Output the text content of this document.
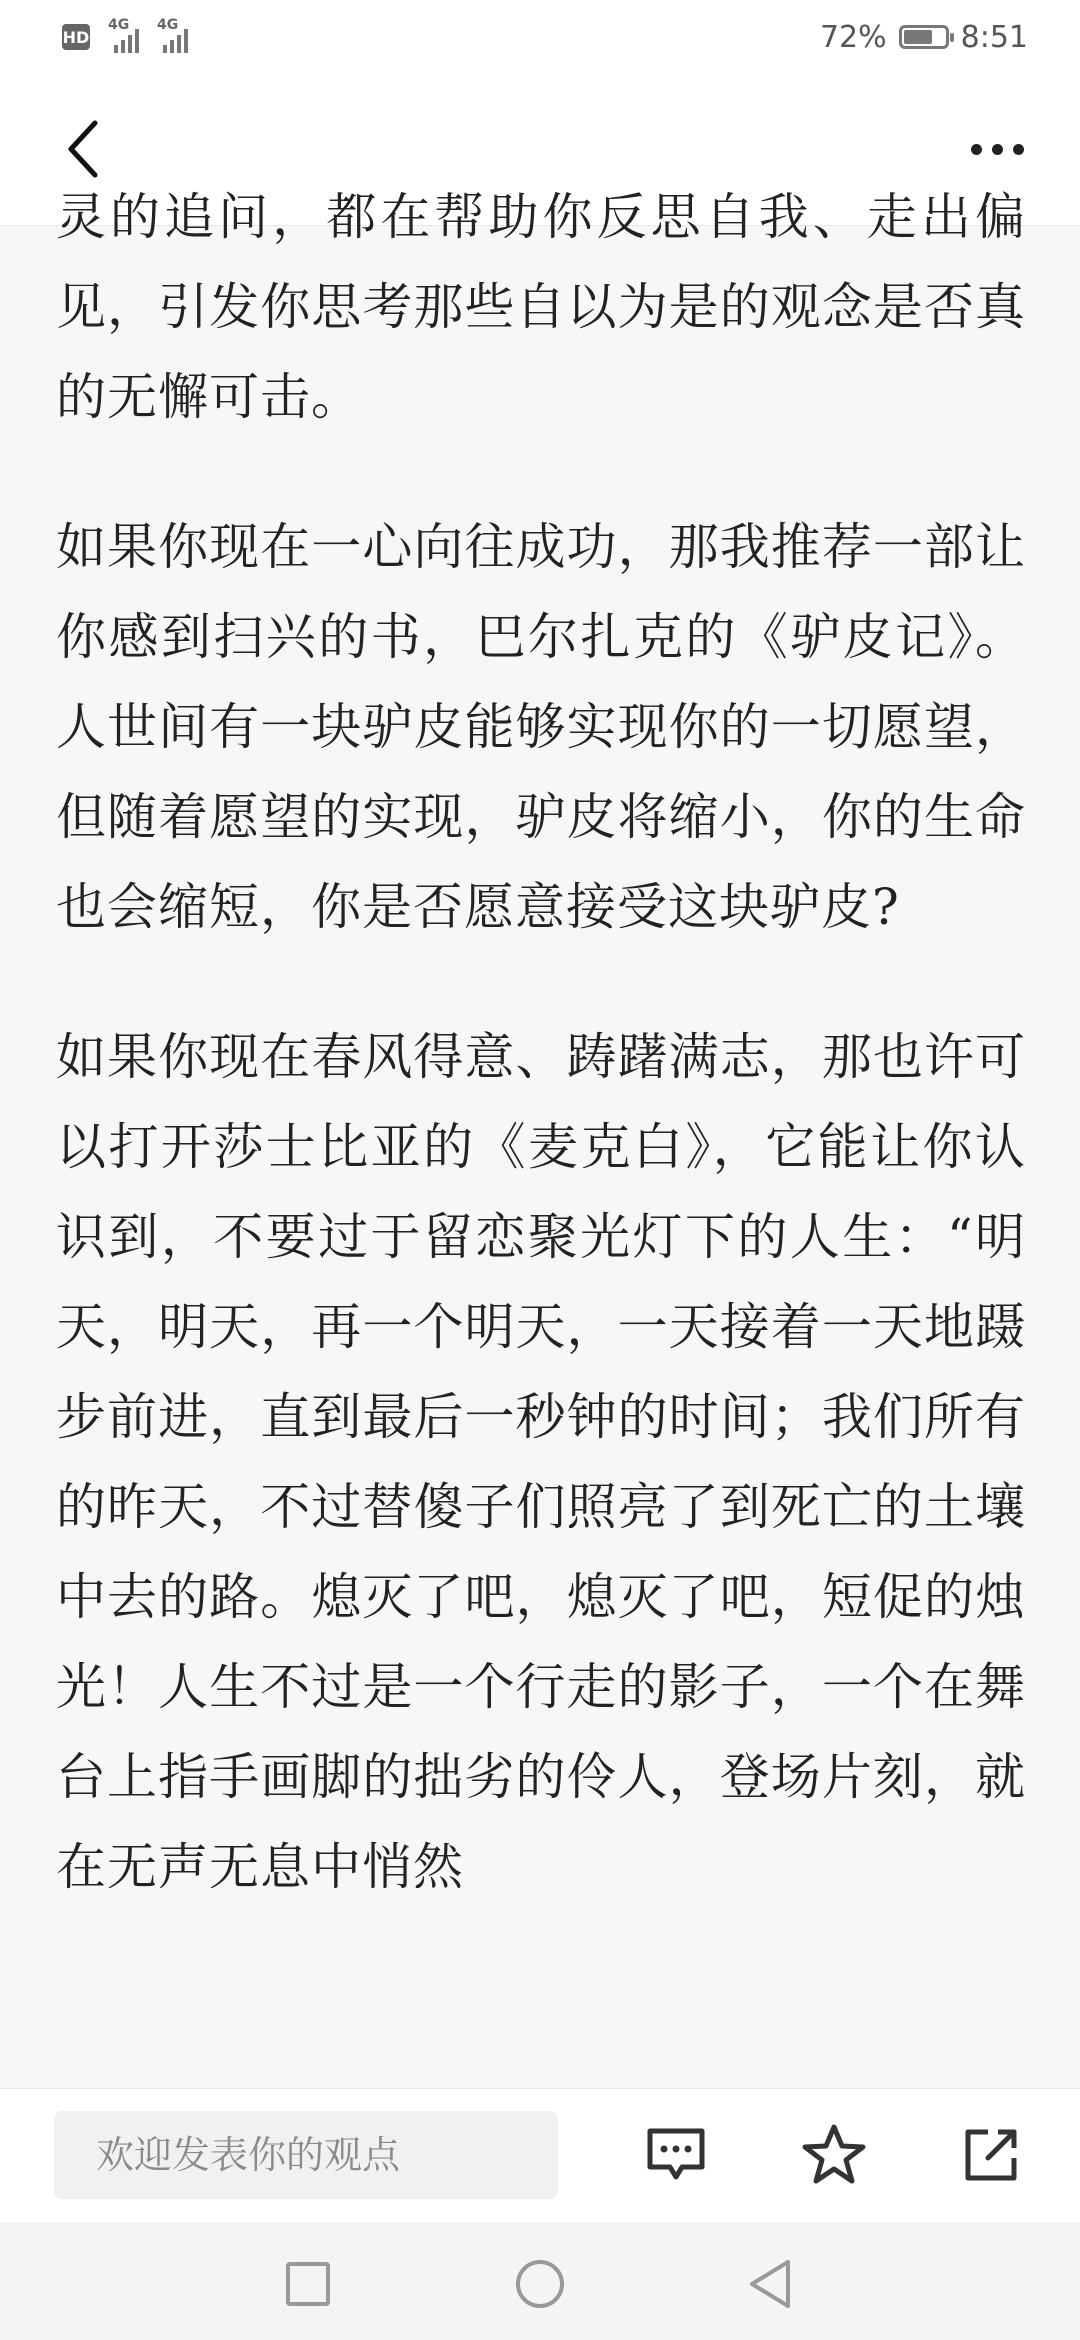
HD
4G 4G	72% 8:51

灵的追问，都在帮助你反思自我、走出偏见，引发你思考那些自以为是的观念是否真的无懈可击。

如果你现在一心向往成功，那我推荐一部让你感到扫兴的书，巴尔扎克的《驴皮记》。人世间有一块驴皮能够实现你的一切愿望，但随着愿望的实现，驴皮将缩小，你的生命也会缩短，你是否愿意接受这块驴皮?

如果你现在春风得意、踌躇满志，那也许可以打开莎士比亚的《麦克白》，它能让你认识到，不要过于留恋聚光灯下的人生：“明天，明天，再一个明天，一天接着一天地蹑步前进，直到最后一秒钟的时间；我们所有的昨天，不过替傻子们照亮了到死亡的土壤中去的路。熄灭了吧，熄灭了吧，短促的烛光！人生不过是一个行走的影子，一个在舞台上指手画脚的拙劣的伶人，登场片刻，就在无声无息中悄然

欢迎发表你的观点
